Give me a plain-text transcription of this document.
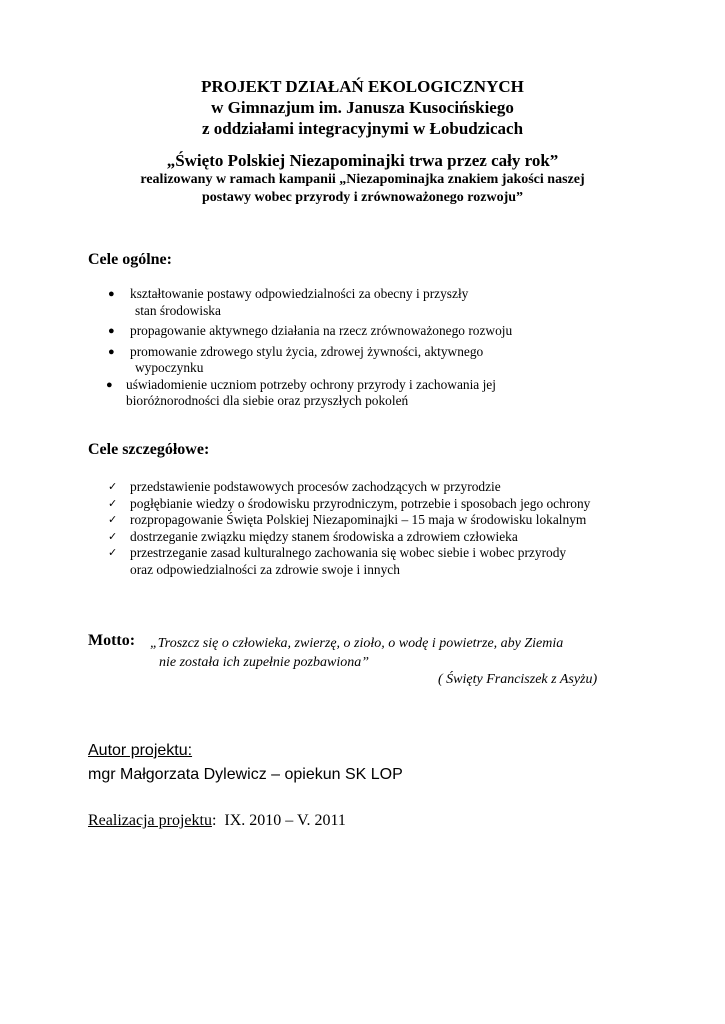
PROJEKT DZIAŁAŃ EKOLOGICZNYCH
w Gimnazjum im. Janusza Kusocińskiego
z oddziałami integracyjnymi w Łobudzicach
„Święto Polskiej Niezapominajki trwa przez cały rok”
realizowany w ramach kampanii „Niezapominajka znakiem jakości naszej
postawy wobec przyrody i zrównoważonego rozwoju”
Cele ogólne:
● kształtowanie postawy odpowiedzialności za obecny i przyszły
stan środowiska
● propagowanie aktywnego działania na rzecz zrównoważonego rozwoju
● promowanie zdrowego stylu życia, zdrowej żywności, aktywnego
wypoczynku
● uświadomienie uczniom potrzeby ochrony przyrody i zachowania jej
bioróżnorodności dla siebie oraz przyszłych pokoleń
Cele szczegółowe:
✓ przedstawienie podstawowych procesów zachodzących w przyrodzie
✓ pogłębianie wiedzy o środowisku przyrodniczym, potrzebie i sposobach jego ochrony
✓ rozpropagowanie Święta Polskiej Niezapominajki – 15 maja w środowisku lokalnym
✓ dostrzeganie związku między stanem środowiska a zdrowiem człowieka
✓ przestrzeganie zasad kulturalnego zachowania się wobec siebie i wobec przyrody
oraz odpowiedzialności za zdrowie swoje i innych
Motto: „Troszcz się o człowieka, zwierzę, o zioło, o wodę i powietrze, aby Ziemia
nie została ich zupełnie pozbawiona”
( Święty Franciszek z Asyżu)
Autor projektu:
mgr Małgorzata Dylewicz – opiekun SK LOP
Realizacja projektu:  IX. 2010 – V. 2011
